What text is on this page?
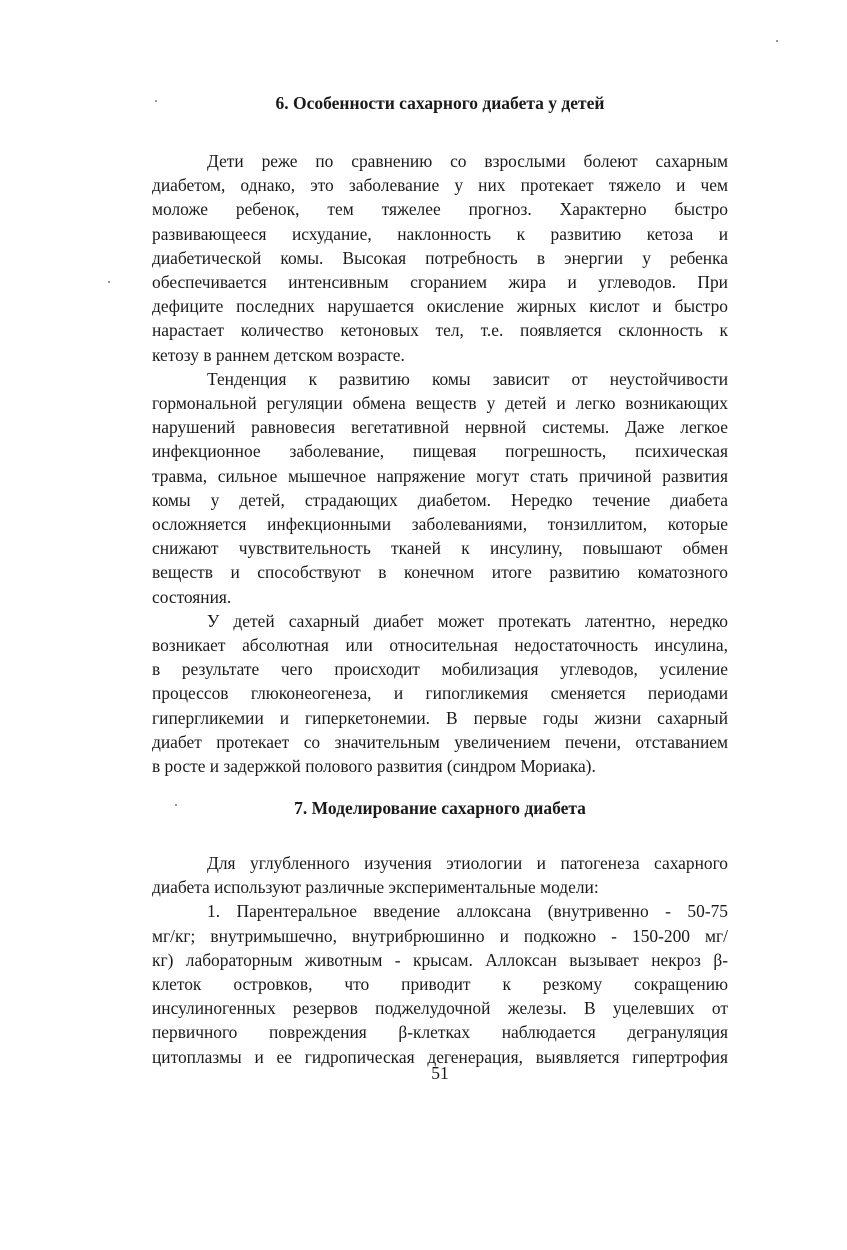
6. Особенности сахарного диабета у детей
Дети реже по сравнению со взрослыми болеют сахарным
диабетом, однако, это заболевание у них протекает тяжело и чем
моложе ребенок, тем тяжелее прогноз. Характерно быстро
развивающееся исхудание, наклонность к развитию кетоза и
диабетической комы. Высокая потребность в энергии у ребенка
обеспечивается интенсивным сгоранием жира и углеводов. При
дефиците последних нарушается окисление жирных кислот и быстро
нарастает количество кетоновых тел, т.е. появляется склонность к
кетозу в раннем детском возрасте.
Тенденция к развитию комы зависит от неустойчивости
гормональной регуляции обмена веществ у детей и легко возникающих
нарушений равновесия вегетативной нервной системы. Даже легкое
инфекционное заболевание, пищевая погрешность, психическая
травма, сильное мышечное напряжение могут стать причиной развития
комы у детей, страдающих диабетом. Нередко течение диабета
осложняется инфекционными заболеваниями, тонзиллитом, которые
снижают чувствительность тканей к инсулину, повышают обмен
веществ и способствуют в конечном итоге развитию коматозного
состояния.
У детей сахарный диабет может протекать латентно, нередко
возникает абсолютная или относительная недостаточность инсулина,
в результате чего происходит мобилизация углеводов, усиление
процессов глюконеогенеза, и гипогликемия сменяется периодами
гипергликемии и гиперкетонемии. В первые годы жизни сахарный
диабет протекает со значительным увеличением печени, отставанием
в росте и задержкой полового развития (синдром Мориака).
7. Моделирование сахарного диабета
Для углубленного изучения этиологии и патогенеза сахарного
диабета используют различные экспериментальные модели:
1. Парентеральное введение аллоксана (внутривенно - 50-75
мг/кг; внутримышечно, внутрибрюшинно и подкожно - 150-200 мг/
кг) лабораторным животным - крысам. Аллоксан вызывает некроз β-
клеток островков, что приводит к резкому сокращению
инсулиногенных резервов поджелудочной железы. В уцелевших от
первичного повреждения β-клетках наблюдается дегрануляция
цитоплазмы и ее гидропическая дегенерация, выявляется гипертрофия
51
